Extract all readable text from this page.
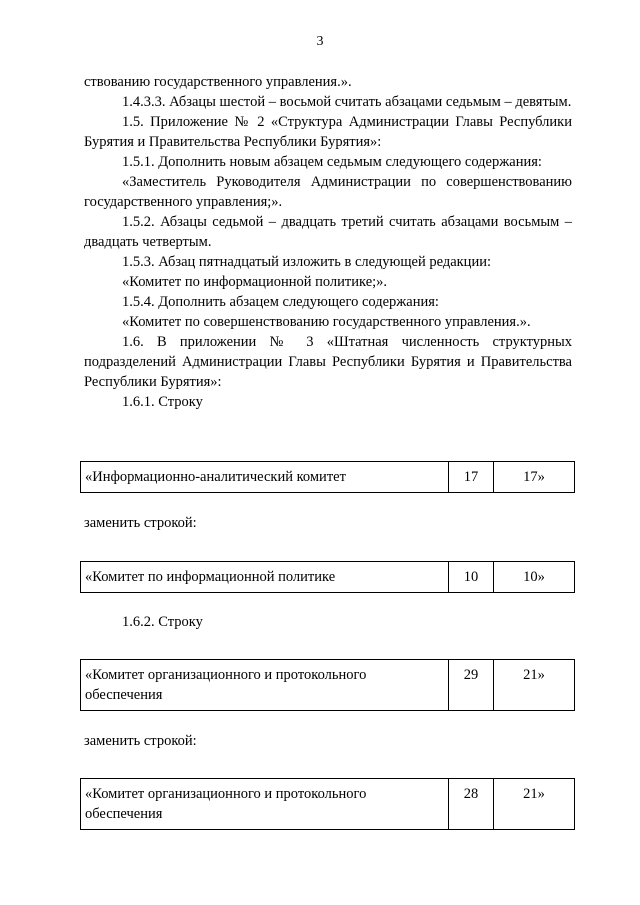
3

ствованию государственного управления.».

1.4.3.3. Абзацы шестой – восьмой считать абзацами седьмым – девятым.

1.5. Приложение № 2 «Структура Администрации Главы Республики Бурятия и Правительства Республики Бурятия»:

1.5.1. Дополнить новым абзацем седьмым следующего содержания:

«Заместитель Руководителя Администрации по совершенствованию государственного управления;».

1.5.2. Абзацы седьмой – двадцать третий считать абзацами восьмым – двадцать четвертым.

1.5.3. Абзац пятнадцатый изложить в следующей редакции:

«Комитет по информационной политике;».

1.5.4. Дополнить абзацем следующего содержания:

«Комитет по совершенствованию государственного управления.».

1.6. В приложении № 3 «Штатная численность структурных подразделений Администрации Главы Республики Бурятия и Правительства Республики Бурятия»:

1.6.1. Строку

«Информационно-аналитический комитет	17	17»
заменить строкой:
«Комитет по информационной политике	10	10»
1.6.2. Строку
«Комитет организационного и протокольного обеспечения	29	21»
заменить строкой:
«Комитет организационного и протокольного обеспечения	28	21»
